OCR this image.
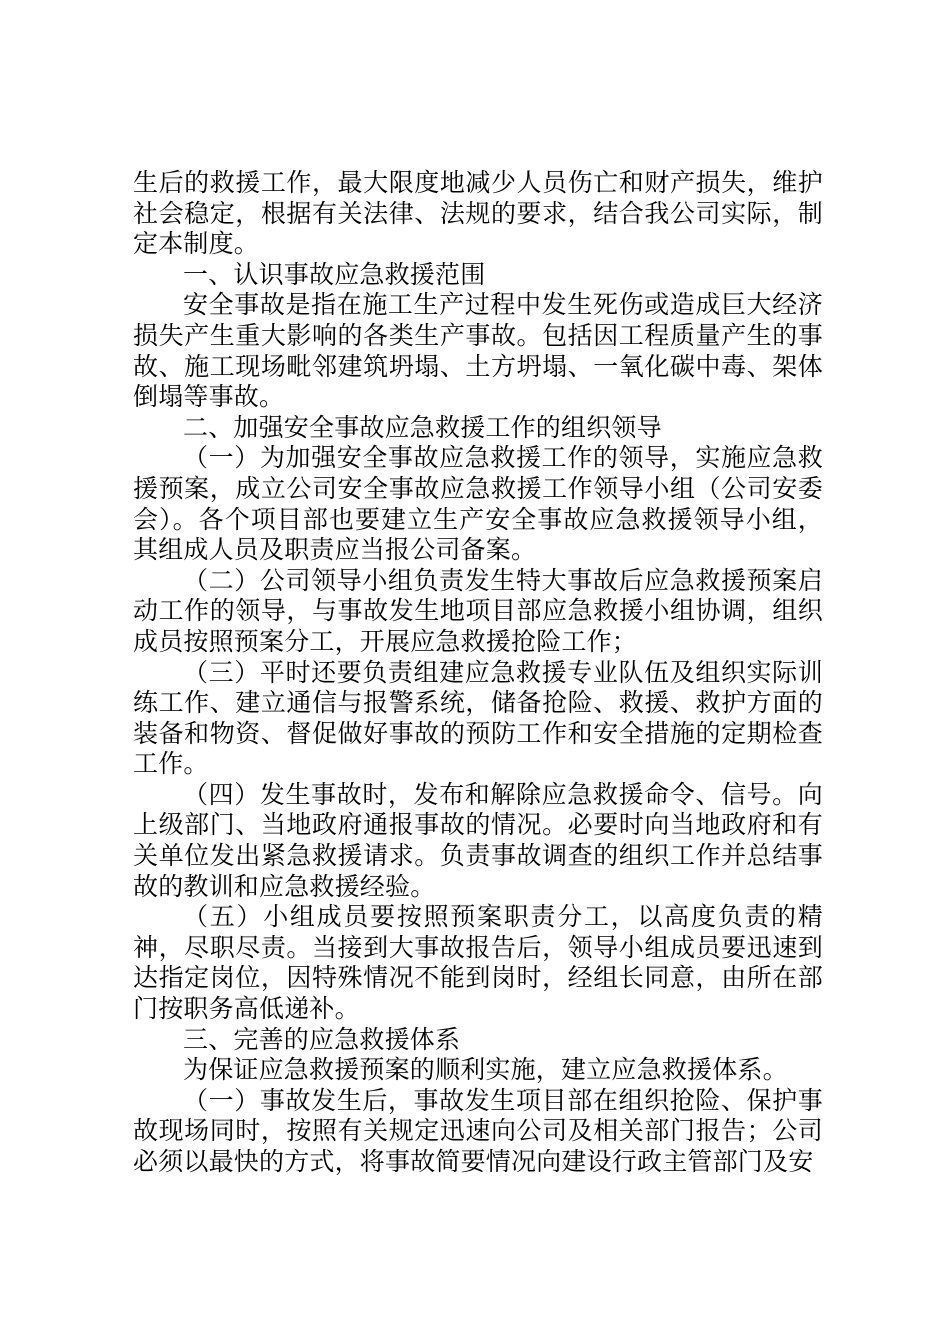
生后的救援工作，最大限度地减少人员伤亡和财产损失，维护社会稳定，根据有关法律、法规的要求，结合我公司实际，制定本制度。

一、认识事故应急救援范围

安全事故是指在施工生产过程中发生死伤或造成巨大经济损失产生重大影响的各类生产事故。包括因工程质量产生的事故、施工现场毗邻建筑坍塌、土方坍塌、一氧化碳中毒、架体倒塌等事故。

二、加强安全事故应急救援工作的组织领导

（一）为加强安全事故应急救援工作的领导，实施应急救援预案，成立公司安全事故应急救援工作领导小组（公司安委会）。各个项目部也要建立生产安全事故应急救援领导小组，其组成人员及职责应当报公司备案。

（二）公司领导小组负责发生特大事故后应急救援预案启动工作的领导，与事故发生地项目部应急救援小组协调，组织成员按照预案分工，开展应急救援抢险工作；

（三）平时还要负责组建应急救援专业队伍及组织实际训练工作、建立通信与报警系统，储备抢险、救援、救护方面的装备和物资、督促做好事故的预防工作和安全措施的定期检查工作。

（四）发生事故时，发布和解除应急救援命令、信号。向上级部门、当地政府通报事故的情况。必要时向当地政府和有关单位发出紧急救援请求。负责事故调查的组织工作并总结事故的教训和应急救援经验。

（五）小组成员要按照预案职责分工，以高度负责的精神，尽职尽责。当接到大事故报告后，领导小组成员要迅速到达指定岗位，因特殊情况不能到岗时，经组长同意，由所在部门按职务高低递补。

三、完善的应急救援体系

为保证应急救援预案的顺利实施，建立应急救援体系。

（一）事故发生后，事故发生项目部在组织抢险、保护事故现场同时，按照有关规定迅速向公司及相关部门报告；公司必须以最快的方式，将事故简要情况向建设行政主管部门及安
